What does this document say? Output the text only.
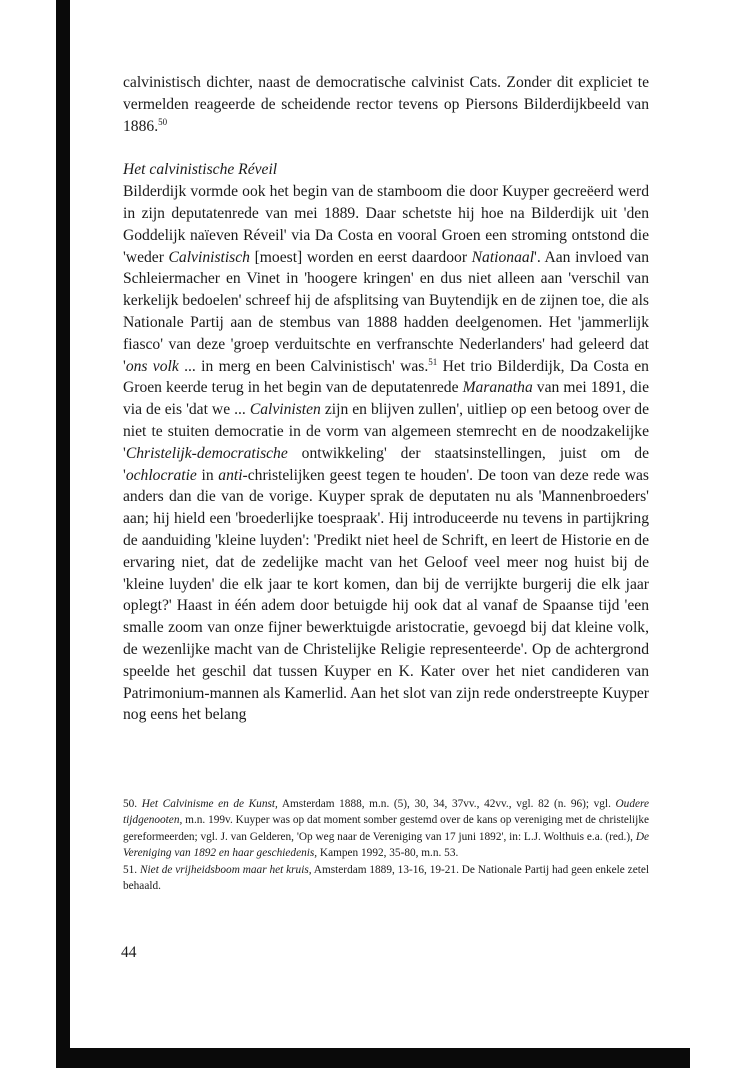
calvinistisch dichter, naast de democratische calvinist Cats. Zonder dit expliciet te vermelden reageerde de scheidende rector tevens op Piersons Bilderdijkbeeld van 1886.50

Het calvinistische Réveil

Bilderdijk vormde ook het begin van de stamboom die door Kuyper gecreëerd werd in zijn deputatenrede van mei 1889. Daar schetste hij hoe na Bilderdijk uit 'den Goddelijk naïeven Réveil' via Da Costa en vooral Groen een stroming ontstond die 'weder Calvinistisch [moest] worden en eerst daardoor Nationaal'. Aan invloed van Schleiermacher en Vinet in 'hoogere kringen' en dus niet alleen aan 'verschil van kerkelijk bedoelen' schreef hij de afsplitsing van Buytendijk en de zijnen toe, die als Nationale Partij aan de stembus van 1888 hadden deelgenomen. Het 'jammerlijk fiasco' van deze 'groep verduitschte en verfranschte Nederlanders' had geleerd dat 'ons volk ... in merg en been Calvinistisch' was.$^{51}$ Het trio Bilderdijk, Da Costa en Groen keerde terug in het begin van de deputatenrede Maranatha van mei 1891, die via de eis 'dat we ... Calvinisten zijn en blijven zullen', uitliep op een betoog over de niet te stuiten democratie in de vorm van algemeen stemrecht en de noodzakelijke 'Christelijk-democratische ontwikkeling' der staatsinstellingen, juist om de 'ochlocratie in anti-christelijken geest tegen te houden'. De toon van deze rede was anders dan die van de vorige. Kuyper sprak de deputaten nu als 'Mannenbroeders' aan; hij hield een 'broederlijke toespraak'. Hij introduceerde nu tevens in partijkring de aanduiding 'kleine luyden': 'Predikt niet heel de Schrift, en leert de Historie en de ervaring niet, dat de zedelijke macht van het Geloof veel meer nog huist bij de 'kleine luyden' die elk jaar te kort komen, dan bij de verrijkte burgerij die elk jaar oplegt?' Haast in één adem door betuigde hij ook dat al vanaf de Spaanse tijd 'een smalle zoom van onze fijner bewerktuigde aristocratie, gevoegd bij dat kleine volk, de wezenlijke macht van de Christelijke Religie representeerde'. Op de achtergrond speelde het geschil dat tussen Kuyper en K. Kater over het niet candideren van Patrimonium-mannen als Kamerlid. Aan het slot van zijn rede onderstreepte Kuyper nog eens het belang

50. Het Calvinisme en de Kunst, Amsterdam 1888, m.n. (5), 30, 34, 37vv., 42vv., vgl. 82 (n. 96); vgl. Oudere tijdgenooten, m.n. 199v. Kuyper was op dat moment somber gestemd over de kans op vereniging met de christelijke gereformeerden; vgl. J. van Gelderen, 'Op weg naar de Vereniging van 17 juni 1892', in: L.J. Wolthuis e.a. (red.), De Vereniging van 1892 en haar geschiedenis, Kampen 1992, 35-80, m.n. 53.

51. Niet de vrijheidsboom maar het kruis, Amsterdam 1889, 13-16, 19-21. De Nationale Partij had geen enkele zetel behaald.

44
